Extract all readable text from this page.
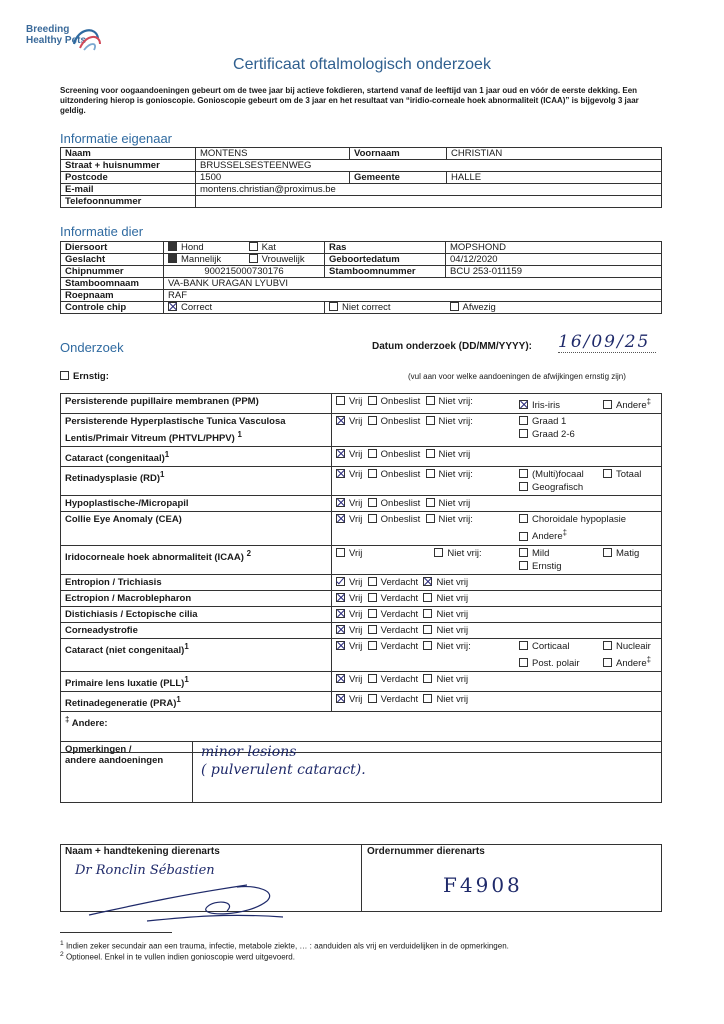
Breeding
Healthy Pets
Certificaat oftalmologisch onderzoek
Screening voor oogaandoeningen gebeurt om de twee jaar bij actieve fokdieren, startend vanaf de leeftijd van 1 jaar oud en vóór de eerste dekking. Een uitzondering hierop is gonioscopie. Gonioscopie gebeurt om de 3 jaar en het resultaat van “iridio-corneale hoek abnormaliteit (ICAA)” is bijgevolg 3 jaar geldig.
Informatie eigenaar
Naam	MONTENS	Voornaam	CHRISTIAN
Straat + huisnummer	BRUSSELSESTEENWEG		
Postcode	1500	Gemeente	HALLE
E-mail	montens.christian@proximus.be		
Telefoonnummer			
Informatie dier
Diersoort	Hond Kat	Ras	MOPSHOND
Geslacht	Mannelijk Vrouwelijk	Geboortedatum	04/12/2020
Chipnummer	900215000730176	Stamboomnummer	BCU 253-011159
Stamboomnaam	VA-BANK URAGAN LYUBVI		
Roepnaam	RAF		
Controle chip	Correct	Niet correct	Afwezig
Onderzoek	Datum onderzoek (DD/MM/YYYY): 16/09/25
Ernstig:	(vul aan voor welke aandoeningen de afwijkingen ernstig zijn)
Persisterende pupillaire membranen (PPM)	Vrij Onbeslist Niet vrij:	Iris-iris Andere‡
Persisterende Hyperplastische Tunica Vasculosa Lentis/Primair Vitreum (PHTVL/PHPV) $^1$	Vrij Onbeslist Niet vrij:	Graad 1
Graad 2-6
Cataract (congenitaal)$^1$	Vrij Onbeslist Niet vrij	
Retinadysplasie (RD)$^1$	Vrij Onbeslist Niet vrij:	(Multi)focaal Totaal
Geografisch
Hypoplastische-/Micropapil	Vrij Onbeslist Niet vrij	
Collie Eye Anomaly (CEA)	Vrij Onbeslist Niet vrij:	Choroidale hypoplasie
Andere‡
Iridocorneale hoek abnormaliteit (ICAA) $^2$	Vrij Niet vrij:	Mild Matig
Ernstig
Entropion / Trichiasis	Vrij Verdacht Niet vrij	
Ectropion / Macroblepharon	Vrij Verdacht Niet vrij	
Distichiasis / Ectopische cilia	Vrij Verdacht Niet vrij	
Corneadystrofie	Vrij Verdacht Niet vrij	
Cataract (niet congenitaal)$^1$	Vrij Verdacht Niet vrij:	Corticaal Nucleair
Post. polair Andere‡
Primaire lens luxatie (PLL)$^1$	Vrij Verdacht Niet vrij	
Retinadegeneratie (PRA)$^1$	Vrij Verdacht Niet vrij	
‡ Andere:		
Opmerkingen /
andere aandoeningen
minor lesions
( pulverulent cataract).
Naam + handtekening dierenarts
Dr Ronclin Sébastien
Ordernummer dierenarts
F4908
$^1$ Indien zeker secundair aan een trauma, infectie, metabole ziekte, … : aanduiden als vrij en verduidelijken in de opmerkingen.
$^2$ Optioneel. Enkel in te vullen indien gonioscopie werd uitgevoerd.
